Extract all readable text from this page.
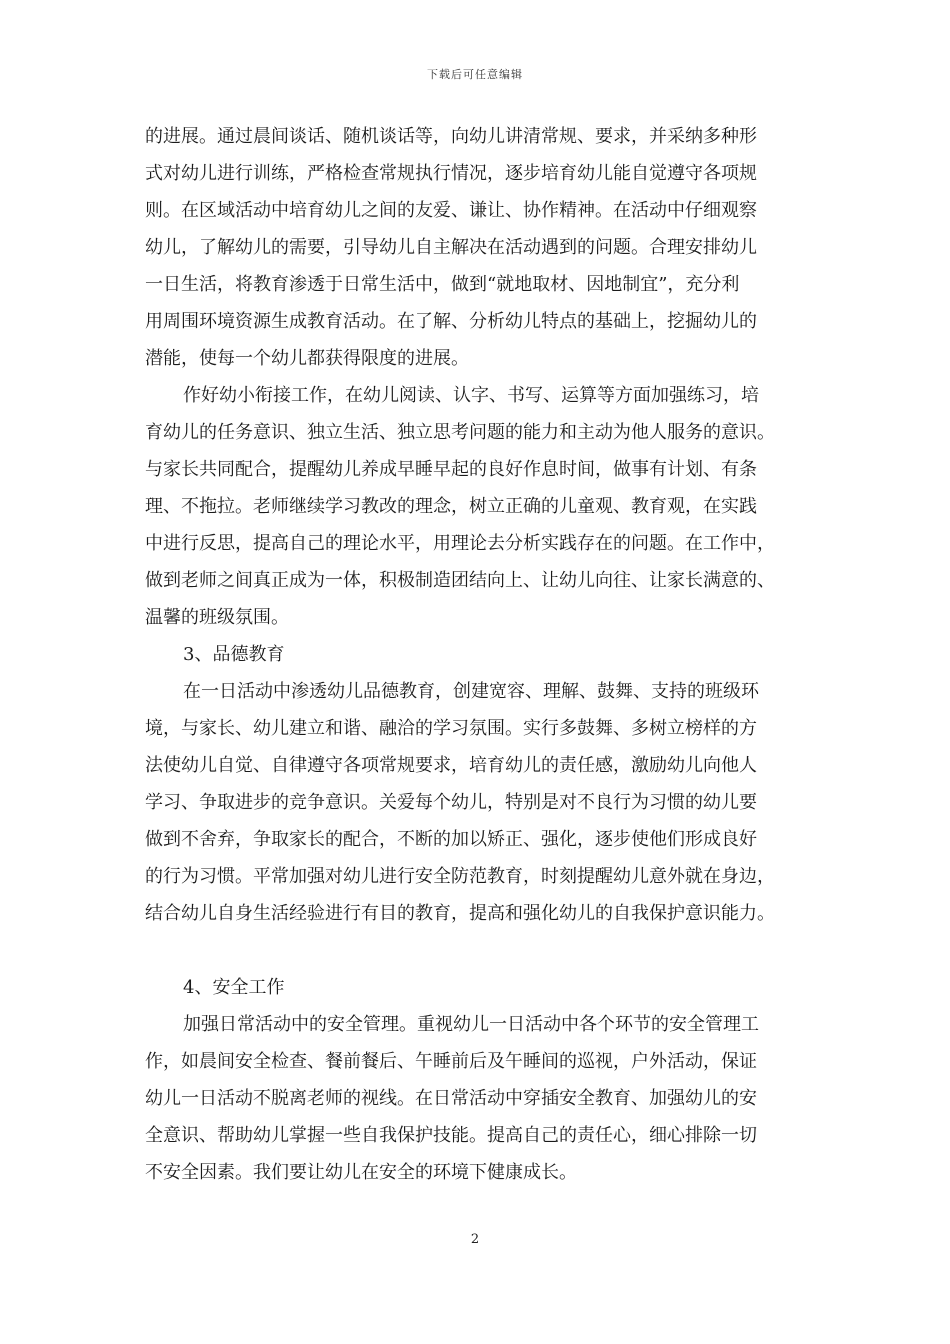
下载后可任意编辑
的进展。通过晨间谈话、随机谈话等，向幼儿讲清常规、要求，并采纳多种形
式对幼儿进行训练，严格检查常规执行情况，逐步培育幼儿能自觉遵守各项规
则。在区域活动中培育幼儿之间的友爱、谦让、协作精神。在活动中仔细观察
幼儿，了解幼儿的需要，引导幼儿自主解决在活动遇到的问题。合理安排幼儿
一日生活，将教育渗透于日常生活中，做到“就地取材、因地制宜”，充分利
用周围环境资源生成教育活动。在了解、分析幼儿特点的基础上，挖掘幼儿的
潜能，使每一个幼儿都获得限度的进展。
作好幼小衔接工作，在幼儿阅读、认字、书写、运算等方面加强练习，培
育幼儿的任务意识、独立生活、独立思考问题的能力和主动为他人服务的意识。
与家长共同配合，提醒幼儿养成早睡早起的良好作息时间，做事有计划、有条
理、不拖拉。老师继续学习教改的理念，树立正确的儿童观、教育观，在实践
中进行反思，提高自己的理论水平，用理论去分析实践存在的问题。在工作中，
做到老师之间真正成为一体，积极制造团结向上、让幼儿向往、让家长满意的、
温馨的班级氛围。
3、品德教育
在一日活动中渗透幼儿品德教育，创建宽容、理解、鼓舞、支持的班级环
境，与家长、幼儿建立和谐、融洽的学习氛围。实行多鼓舞、多树立榜样的方
法使幼儿自觉、自律遵守各项常规要求，培育幼儿的责任感，激励幼儿向他人
学习、争取进步的竞争意识。关爱每个幼儿，特别是对不良行为习惯的幼儿要
做到不舍弃，争取家长的配合，不断的加以矫正、强化，逐步使他们形成良好
的行为习惯。平常加强对幼儿进行安全防范教育，时刻提醒幼儿意外就在身边，
结合幼儿自身生活经验进行有目的教育，提高和强化幼儿的自我保护意识能力。
4、安全工作
加强日常活动中的安全管理。重视幼儿一日活动中各个环节的安全管理工
作，如晨间安全检查、餐前餐后、午睡前后及午睡间的巡视，户外活动，保证
幼儿一日活动不脱离老师的视线。在日常活动中穿插安全教育、加强幼儿的安
全意识、帮助幼儿掌握一些自我保护技能。提高自己的责任心，细心排除一切
不安全因素。我们要让幼儿在安全的环境下健康成长。
2
